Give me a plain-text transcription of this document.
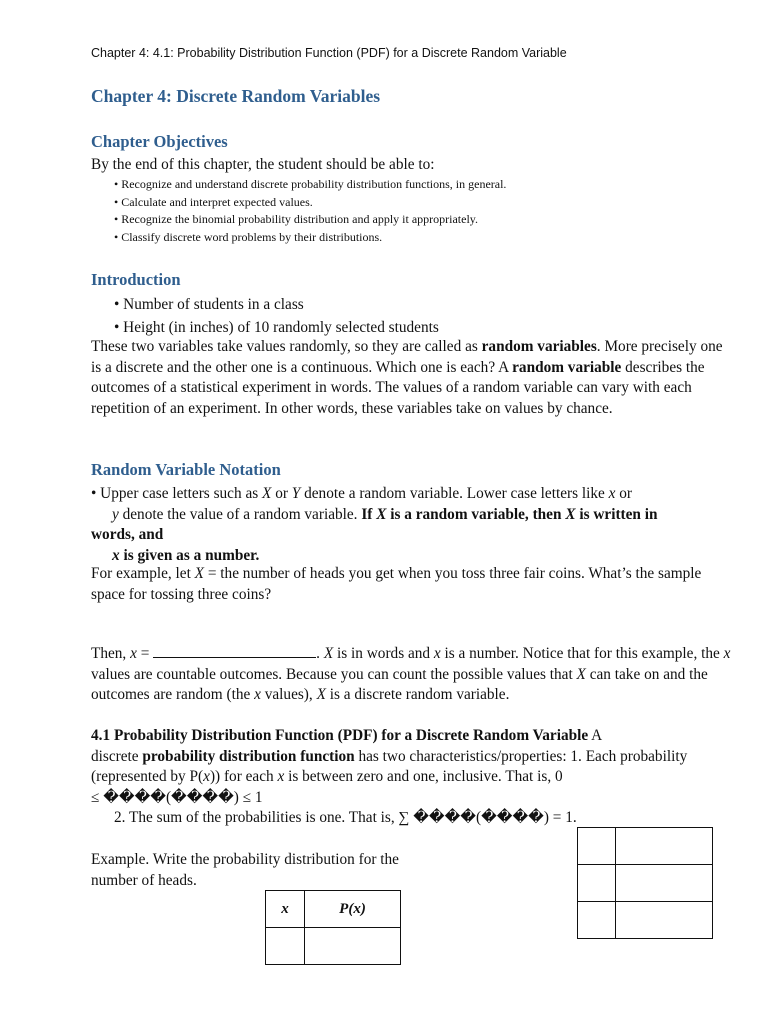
Chapter 4: 4.1: Probability Distribution Function (PDF) for a Discrete Random Variable
Chapter 4: Discrete Random Variables
Chapter Objectives
By the end of this chapter, the student should be able to:
• Recognize and understand discrete probability distribution functions, in general.
• Calculate and interpret expected values.
• Recognize the binomial probability distribution and apply it appropriately.
• Classify discrete word problems by their distributions.
Introduction
• Number of students in a class
• Height (in inches) of 10 randomly selected students
These two variables take values randomly, so they are called as random variables. More precisely one is a discrete and the other one is a continuous. Which one is each? A random variable describes the outcomes of a statistical experiment in words. The values of a random variable can vary with each repetition of an experiment. In other words, these variables take on values by chance.
Random Variable Notation
• Upper case letters such as X or Y denote a random variable. Lower case letters like x or
y denote the value of a random variable. If X is a random variable, then X is written in words, and
x is given as a number.
For example, let X = the number of heads you get when you toss three fair coins. What’s the sample space for tossing three coins?
Then, x =	. X is in words and x is a number. Notice that for this example, the x values are countable outcomes. Because you can count the possible values that X can take on and the outcomes are random (the x values), X is a discrete random variable.
4.1 Probability Distribution Function (PDF) for a Discrete Random Variable A
discrete probability distribution function has two characteristics/properties: 1. Each probability (represented by P(x)) for each x is between zero and one, inclusive. That is, 0
≤ ����(����) ≤ 1
2. The sum of the probabilities is one. That is, ∑ ����(����) = 1.
Example. Write the probability distribution for the number of heads.
x	P(x)
